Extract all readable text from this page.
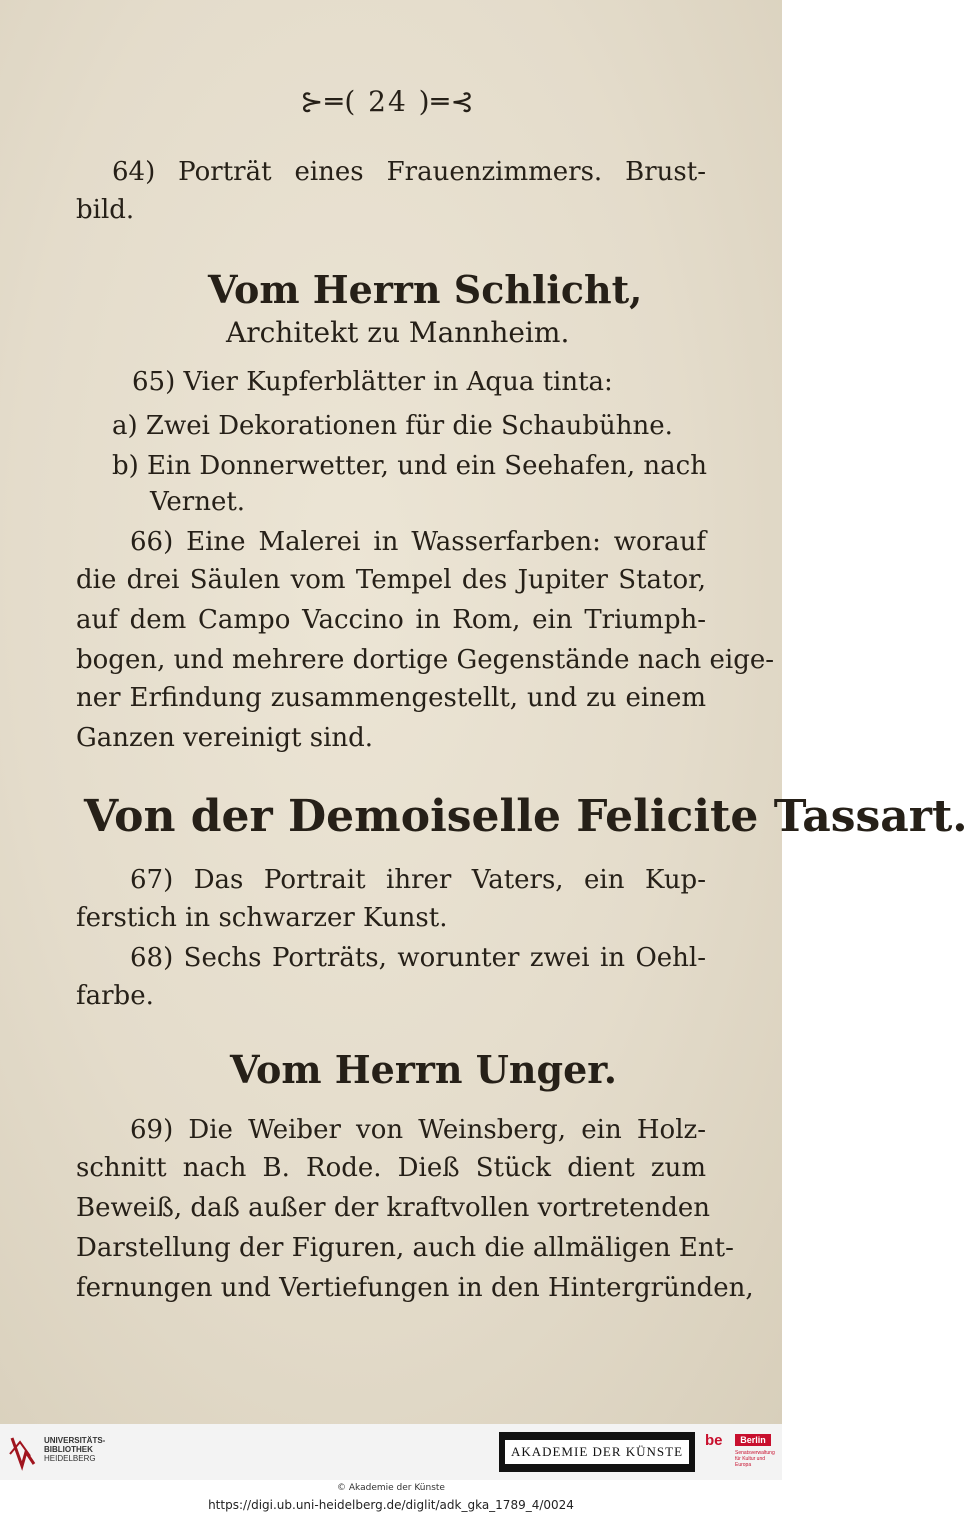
⊱═( 24 )═⊰
64) Porträt eines Frauenzimmers. Brust-
bild.
Vom Herrn Schlicht,
Architekt zu Mannheim.
65) Vier Kupferblätter in Aqua tinta:
a) Zwei Dekorationen für die Schaubühne.
b) Ein Donnerwetter, und ein Seehafen, nach
Vernet.
66) Eine Malerei in Wasserfarben: worauf
die drei Säulen vom Tempel des Jupiter Stator,
auf dem Campo Vaccino in Rom, ein Triumph-
bogen, und mehrere dortige Gegenstände nach eige-
ner Erfindung zusammengestellt, und zu einem
Ganzen vereinigt sind.
Von der Demoiselle Felicite Tassart.
67) Das Portrait ihrer Vaters, ein Kup-
ferstich in schwarzer Kunst.
68) Sechs Porträts, worunter zwei in Oehl-
farbe.
Vom Herrn Unger.
69) Die Weiber von Weinsberg, ein Holz-
schnitt nach B. Rode. Dieß Stück dient zum
Beweiß, daß außer der kraftvollen vortretenden
Darstellung der Figuren, auch die allmäligen Ent-
fernungen und Vertiefungen in den Hintergründen,
UNIVERSITÄTS-
BIBLIOTHEK
HEIDELBERG	AKADEMIE DER KÜNSTE
be	Berlin
Senatsverwaltung für Kultur und Europa
© Akademie der Künste
https://digi.ub.uni-heidelberg.de/diglit/adk_gka_1789_4/0024
